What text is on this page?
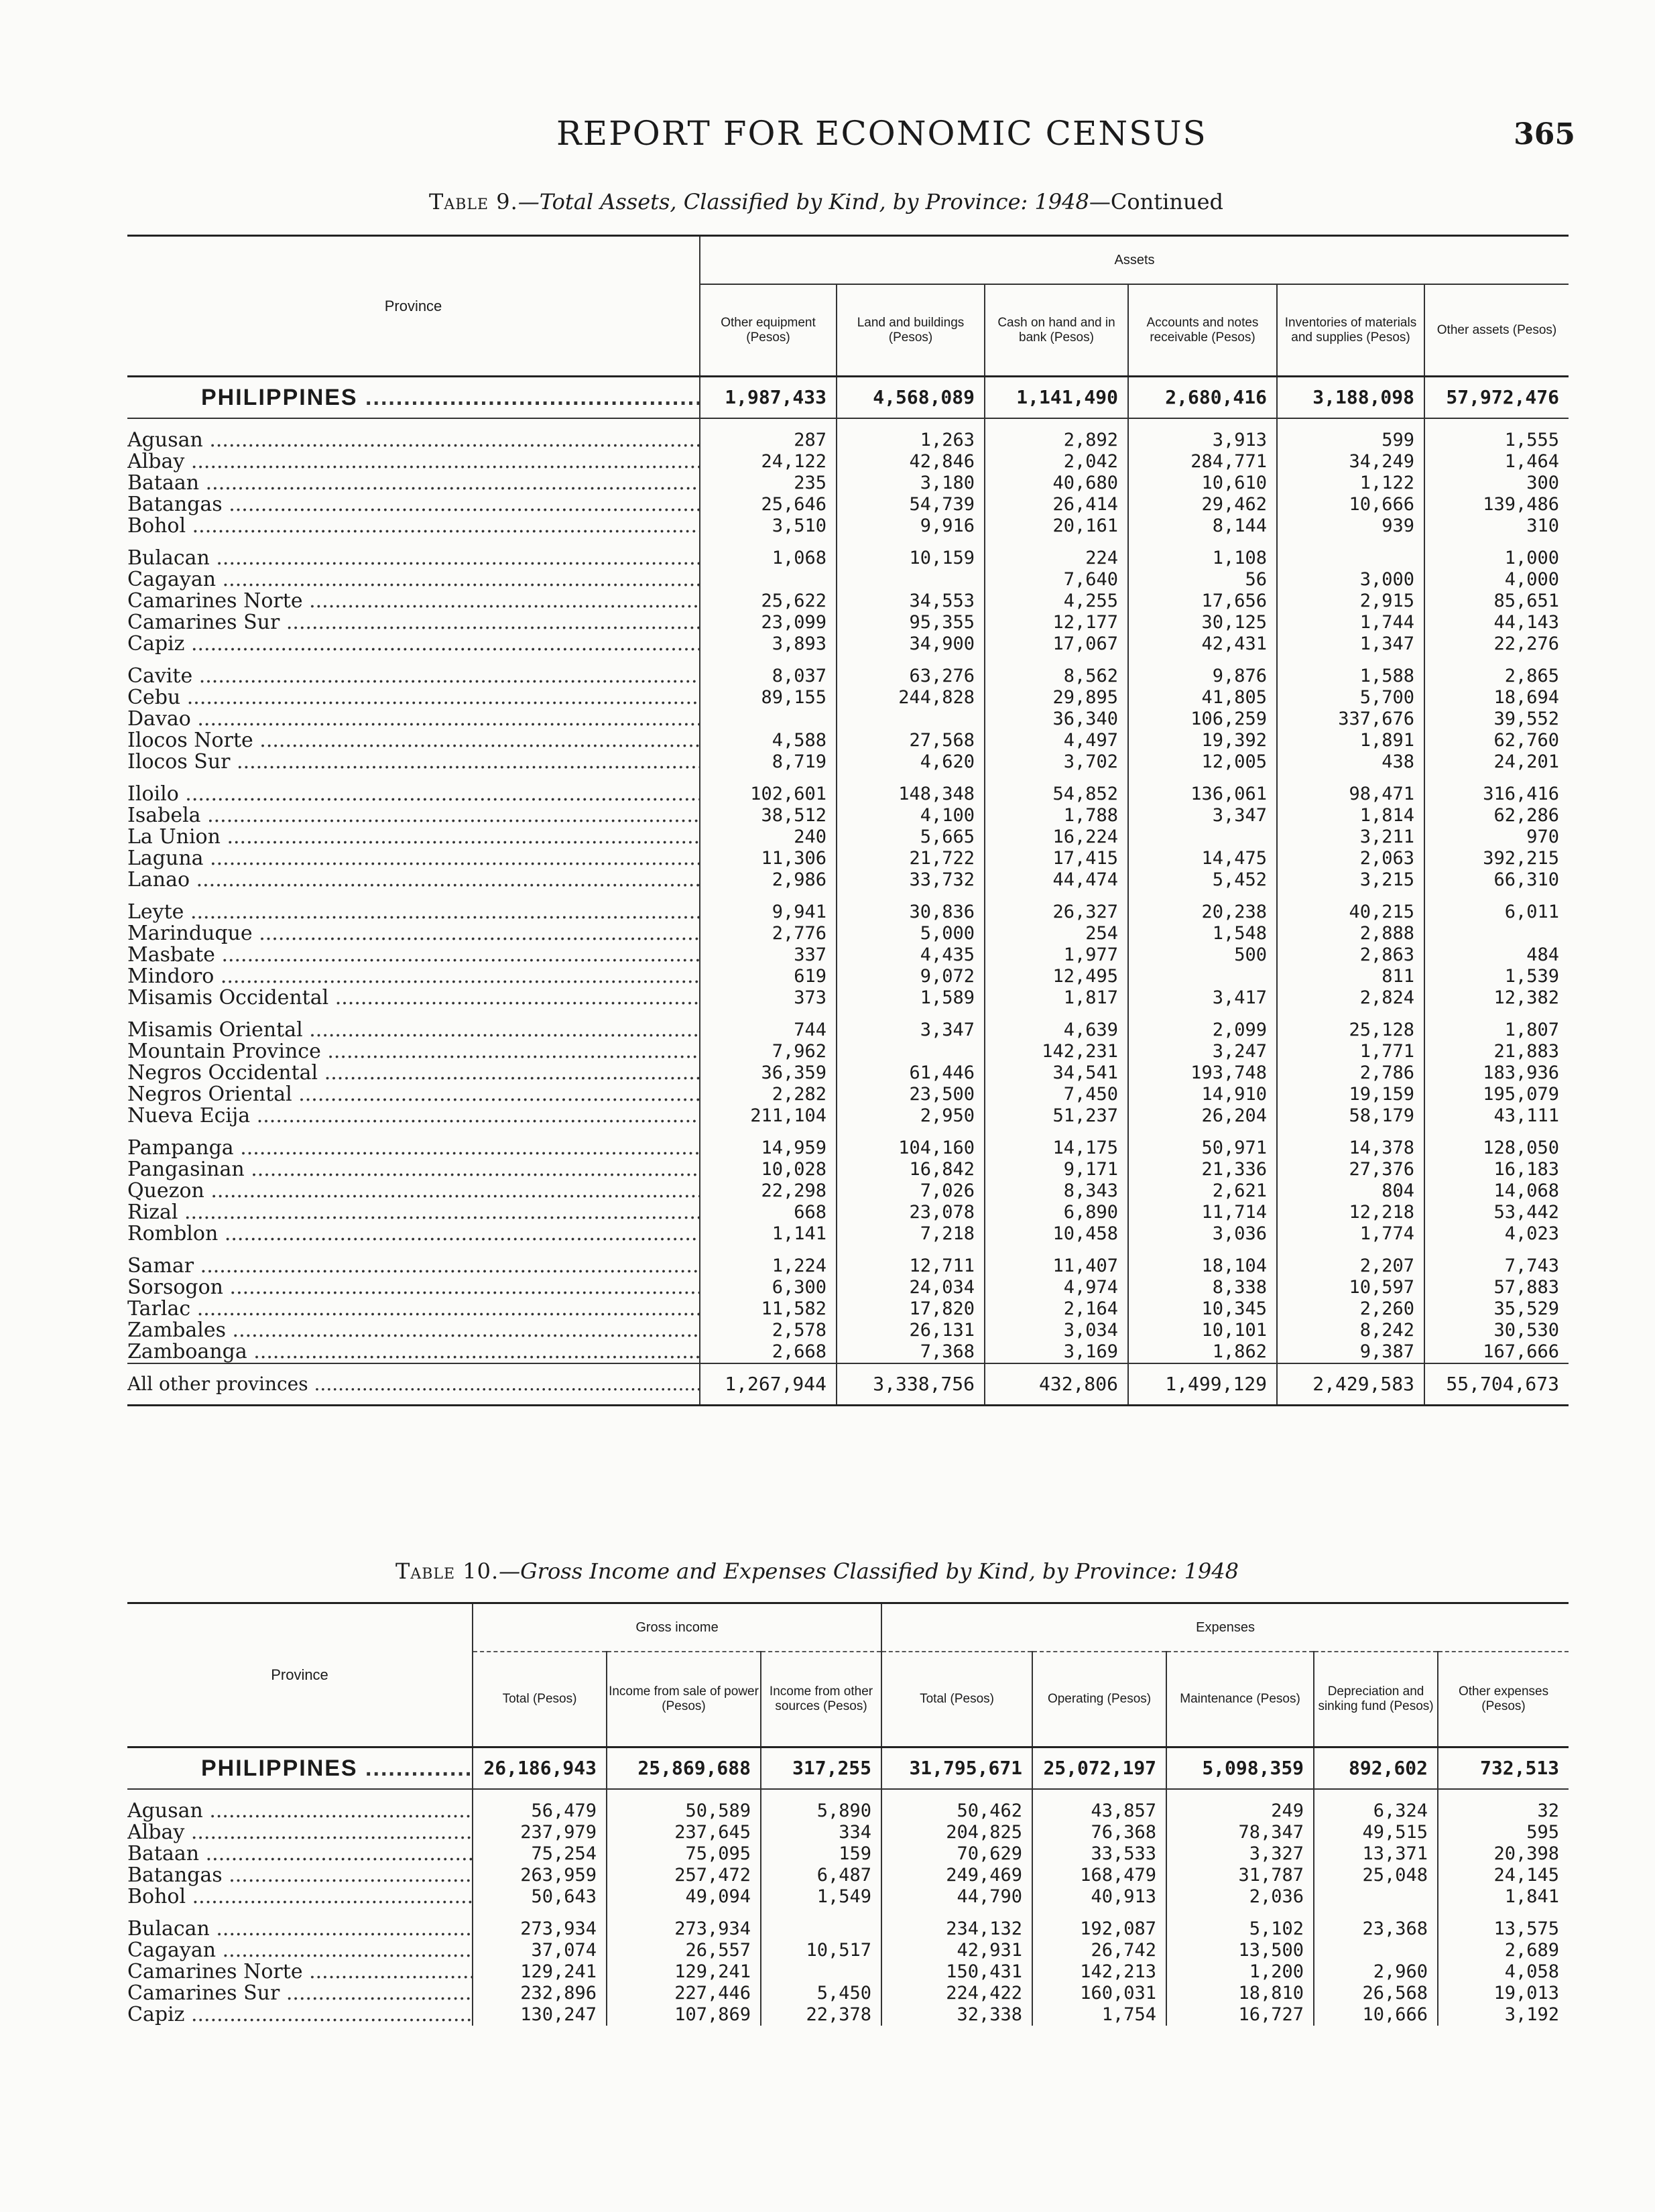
REPORT FOR ECONOMIC CENSUS	365
Table 9.—Total Assets, Classified by Kind, by Province: 1948—Continued
Province	Assets					
	Other equipment (Pesos)	Land and buildings (Pesos)	Cash on hand and in bank (Pesos)	Accounts and notes receivable (Pesos)	Inventories of materials and supplies (Pesos)	Other assets (Pesos)
PHILIPPINES .....	1,987,433	4,568,089	1,141,490	2,680,416	3,188,098	57,972,476
Agusan .....	287	1,263	2,892	3,913	599	1,555
Albay .....	24,122	42,846	2,042	284,771	34,249	1,464
Bataan .....	235	3,180	40,680	10,610	1,122	300
Batangas .....	25,646	54,739	26,414	29,462	10,666	139,486
Bohol .....	3,510	9,916	20,161	8,144	939	310
Bulacan .....	1,068	10,159	224	1,108		1,000
Cagayan .....			7,640	56	3,000	4,000
Camarines Norte .....	25,622	34,553	4,255	17,656	2,915	85,651
Camarines Sur .....	23,099	95,355	12,177	30,125	1,744	44,143
Capiz .....	3,893	34,900	17,067	42,431	1,347	22,276
Cavite .....	8,037	63,276	8,562	9,876	1,588	2,865
Cebu .....	89,155	244,828	29,895	41,805	5,700	18,694
Davao .....			36,340	106,259	337,676	39,552
Ilocos Norte .....	4,588	27,568	4,497	19,392	1,891	62,760
Ilocos Sur .....	8,719	4,620	3,702	12,005	438	24,201
Iloilo .....	102,601	148,348	54,852	136,061	98,471	316,416
Isabela .....	38,512	4,100	1,788	3,347	1,814	62,286
La Union .....	240	5,665	16,224		3,211	970
Laguna .....	11,306	21,722	17,415	14,475	2,063	392,215
Lanao .....	2,986	33,732	44,474	5,452	3,215	66,310
Leyte .....	9,941	30,836	26,327	20,238	40,215	6,011
Marinduque .....	2,776	5,000	254	1,548	2,888	
Masbate .....	337	4,435	1,977	500	2,863	484
Mindoro .....	619	9,072	12,495		811	1,539
Misamis Occidental .....	373	1,589	1,817	3,417	2,824	12,382
Misamis Oriental .....	744	3,347	4,639	2,099	25,128	1,807
Mountain Province .....	7,962		142,231	3,247	1,771	21,883
Negros Occidental .....	36,359	61,446	34,541	193,748	2,786	183,936
Negros Oriental .....	2,282	23,500	7,450	14,910	19,159	195,079
Nueva Ecija .....	211,104	2,950	51,237	26,204	58,179	43,111
Pampanga .....	14,959	104,160	14,175	50,971	14,378	128,050
Pangasinan .....	10,028	16,842	9,171	21,336	27,376	16,183
Quezon .....	22,298	7,026	8,343	2,621	804	14,068
Rizal .....	668	23,078	6,890	11,714	12,218	53,442
Romblon .....	1,141	7,218	10,458	3,036	1,774	4,023
Samar .....	1,224	12,711	11,407	18,104	2,207	7,743
Sorsogon .....	6,300	24,034	4,974	8,338	10,597	57,883
Tarlac .....	11,582	17,820	2,164	10,345	2,260	35,529
Zambales .....	2,578	26,131	3,034	10,101	8,242	30,530
Zamboanga .....	2,668	7,368	3,169	1,862	9,387	167,666
All other provinces .....	1,267,944	3,338,756	432,806	1,499,129	2,429,583	55,704,673
Table 10.—Gross Income and Expenses Classified by Kind, by Province: 1948
Province	Gross income			Expenses				
	Total (Pesos)	Income from sale of power (Pesos)	Income from other sources (Pesos)	Total (Pesos)	Operating (Pesos)	Maintenance (Pesos)	Depreciation and sinking fund (Pesos)	Other expenses (Pesos)
PHILIPPINES .....	26,186,943	25,869,688	317,255	31,795,671	25,072,197	5,098,359	892,602	732,513
Agusan .....	56,479	50,589	5,890	50,462	43,857	249	6,324	32
Albay .....	237,979	237,645	334	204,825	76,368	78,347	49,515	595
Bataan .....	75,254	75,095	159	70,629	33,533	3,327	13,371	20,398
Batangas .....	263,959	257,472	6,487	249,469	168,479	31,787	25,048	24,145
Bohol .....	50,643	49,094	1,549	44,790	40,913	2,036		1,841
Bulacan .....	273,934	273,934		234,132	192,087	5,102	23,368	13,575
Cagayan .....	37,074	26,557	10,517	42,931	26,742	13,500		2,689
Camarines Norte .....	129,241	129,241		150,431	142,213	1,200	2,960	4,058
Camarines Sur .....	232,896	227,446	5,450	224,422	160,031	18,810	26,568	19,013
Capiz .....	130,247	107,869	22,378	32,338	1,754	16,727	10,666	3,192
